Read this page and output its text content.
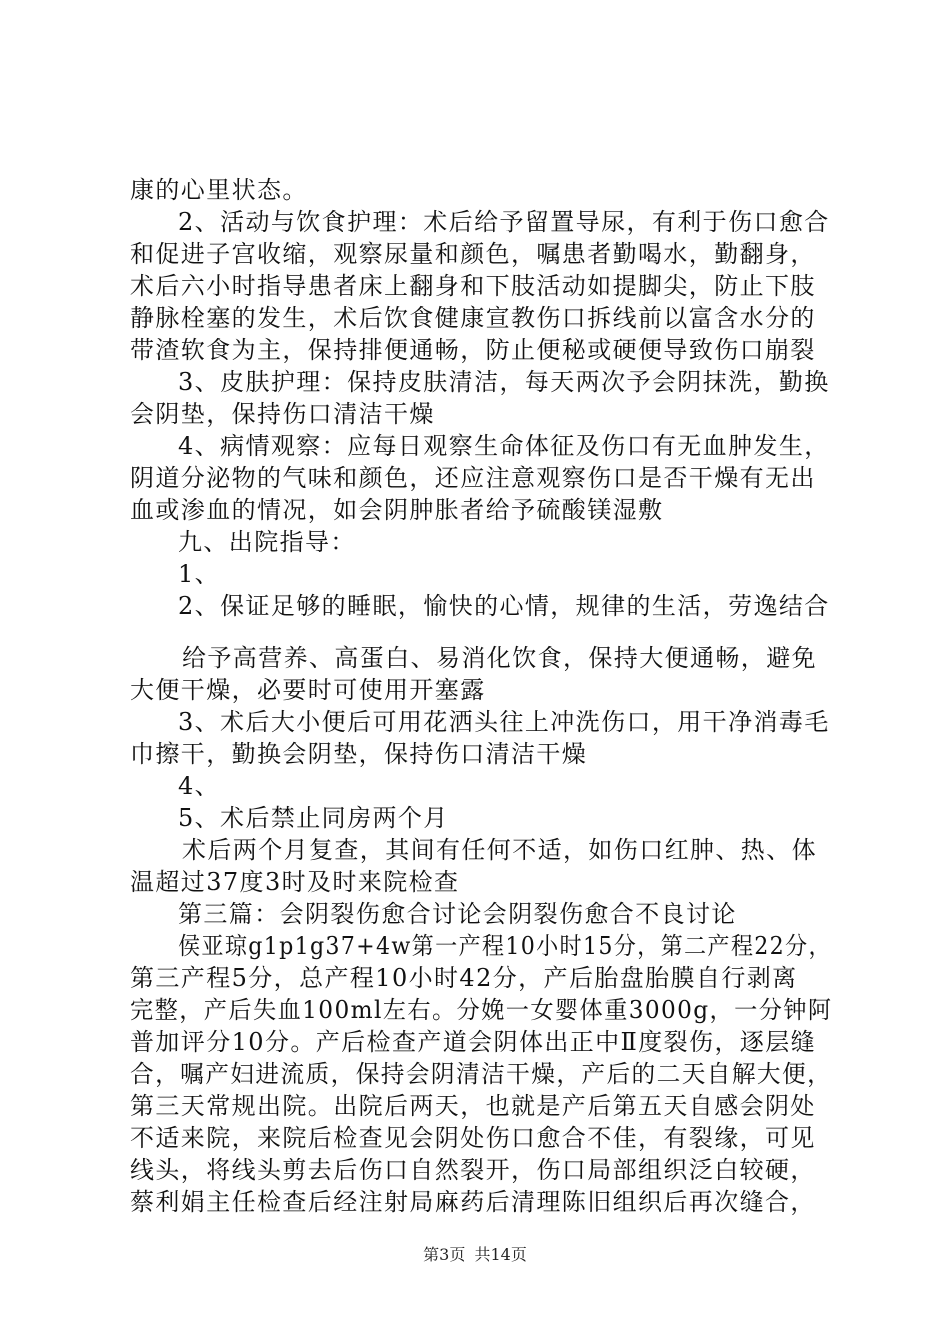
康的心里状态。
2、活动与饮食护理：术后给予留置导尿，有利于伤口愈合
和促进子宫收缩，观察尿量和颜色，嘱患者勤喝水，勤翻身，
术后六小时指导患者床上翻身和下肢活动如提脚尖，防止下肢
静脉栓塞的发生，术后饮食健康宣教伤口拆线前以富含水分的
带渣软食为主，保持排便通畅，防止便秘或硬便导致伤口崩裂
3、皮肤护理：保持皮肤清洁，每天两次予会阴抹洗，勤换
会阴垫，保持伤口清洁干燥
4、病情观察：应每日观察生命体征及伤口有无血肿发生，
阴道分泌物的气味和颜色，还应注意观察伤口是否干燥有无出
血或渗血的情况，如会阴肿胀者给予硫酸镁湿敷
九、出院指导：
1、
2、保证足够的睡眠，愉快的心情，规律的生活，劳逸结合
给予高营养、高蛋白、易消化饮食，保持大便通畅，避免
大便干燥，必要时可使用开塞露
3、术后大小便后可用花洒头往上冲洗伤口，用干净消毒毛
巾擦干，勤换会阴垫，保持伤口清洁干燥
4、
5、术后禁止同房两个月
术后两个月复查，其间有任何不适，如伤口红肿、热、体
温超过37度3时及时来院检查
第三篇：会阴裂伤愈合讨论会阴裂伤愈合不良讨论
侯亚琼g1p1g37+4w第一产程10小时15分，第二产程22分，
第三产程5分，总产程10小时42分，产后胎盘胎膜自行剥离
完整，产后失血100ml左右。分娩一女婴体重3000g，一分钟阿
普加评分10分。产后检查产道会阴体出正中Ⅱ度裂伤，逐层缝
合，嘱产妇进流质，保持会阴清洁干燥，产后的二天自解大便，
第三天常规出院。出院后两天，也就是产后第五天自感会阴处
不适来院，来院后检查见会阴处伤口愈合不佳，有裂缘，可见
线头，将线头剪去后伤口自然裂开，伤口局部组织泛白较硬，
蔡利娟主任检查后经注射局麻药后清理陈旧组织后再次缝合，
第3页 共14页
